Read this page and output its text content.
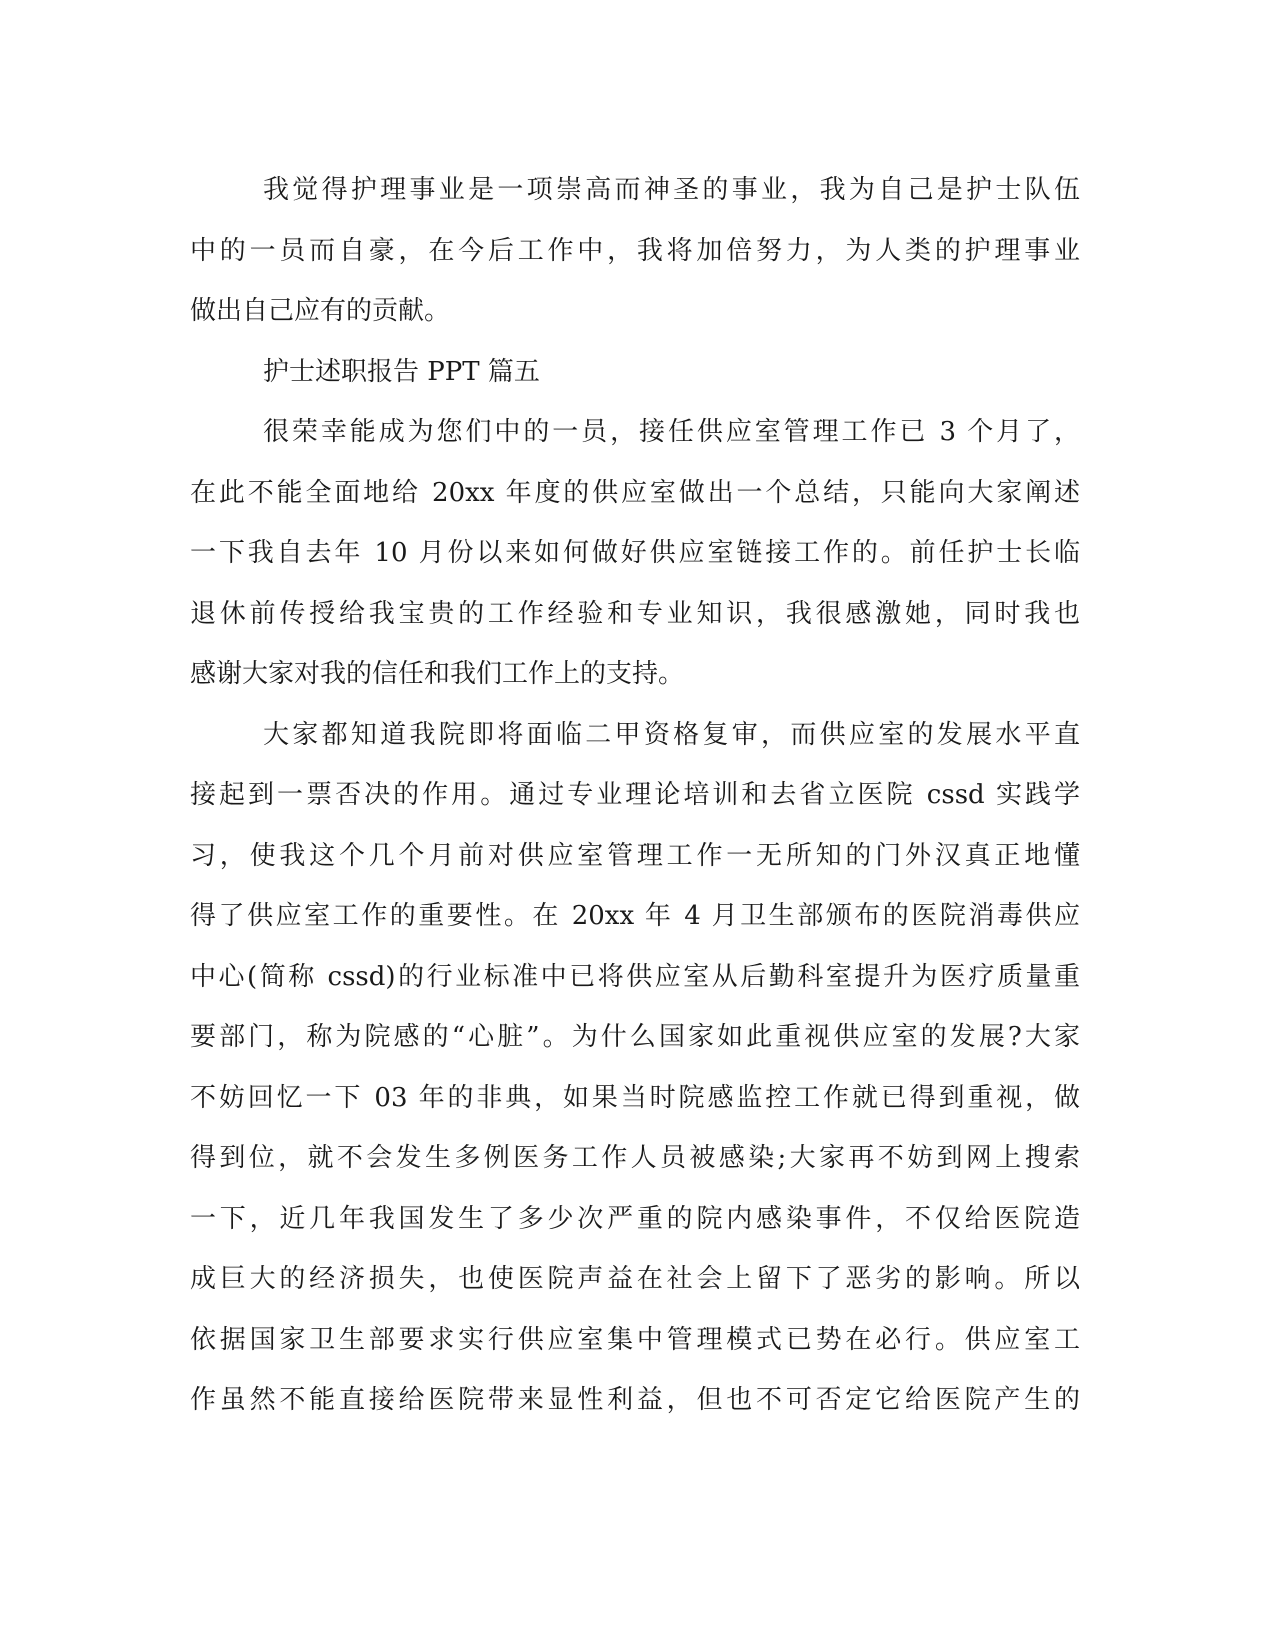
我觉得护理事业是一项崇高而神圣的事业，我为自己是护士队伍
中的一员而自豪，在今后工作中，我将加倍努力，为人类的护理事业
做出自己应有的贡献。
护士述职报告 PPT 篇五
很荣幸能成为您们中的一员，接任供应室管理工作已 3 个月了，
在此不能全面地给 20xx 年度的供应室做出一个总结，只能向大家阐述
一下我自去年 10 月份以来如何做好供应室链接工作的。前任护士长临
退休前传授给我宝贵的工作经验和专业知识，我很感激她，同时我也
感谢大家对我的信任和我们工作上的支持。
大家都知道我院即将面临二甲资格复审，而供应室的发展水平直
接起到一票否决的作用。通过专业理论培训和去省立医院 cssd 实践学
习，使我这个几个月前对供应室管理工作一无所知的门外汉真正地懂
得了供应室工作的重要性。在 20xx 年 4 月卫生部颁布的医院消毒供应
中心(简称 cssd)的行业标准中已将供应室从后勤科室提升为医疗质量重
要部门，称为院感的“心脏”。为什么国家如此重视供应室的发展?大家
不妨回忆一下 03 年的非典，如果当时院感监控工作就已得到重视，做
得到位，就不会发生多例医务工作人员被感染;大家再不妨到网上搜索
一下，近几年我国发生了多少次严重的院内感染事件，不仅给医院造
成巨大的经济损失，也使医院声益在社会上留下了恶劣的影响。所以
依据国家卫生部要求实行供应室集中管理模式已势在必行。供应室工
作虽然不能直接给医院带来显性利益，但也不可否定它给医院产生的
